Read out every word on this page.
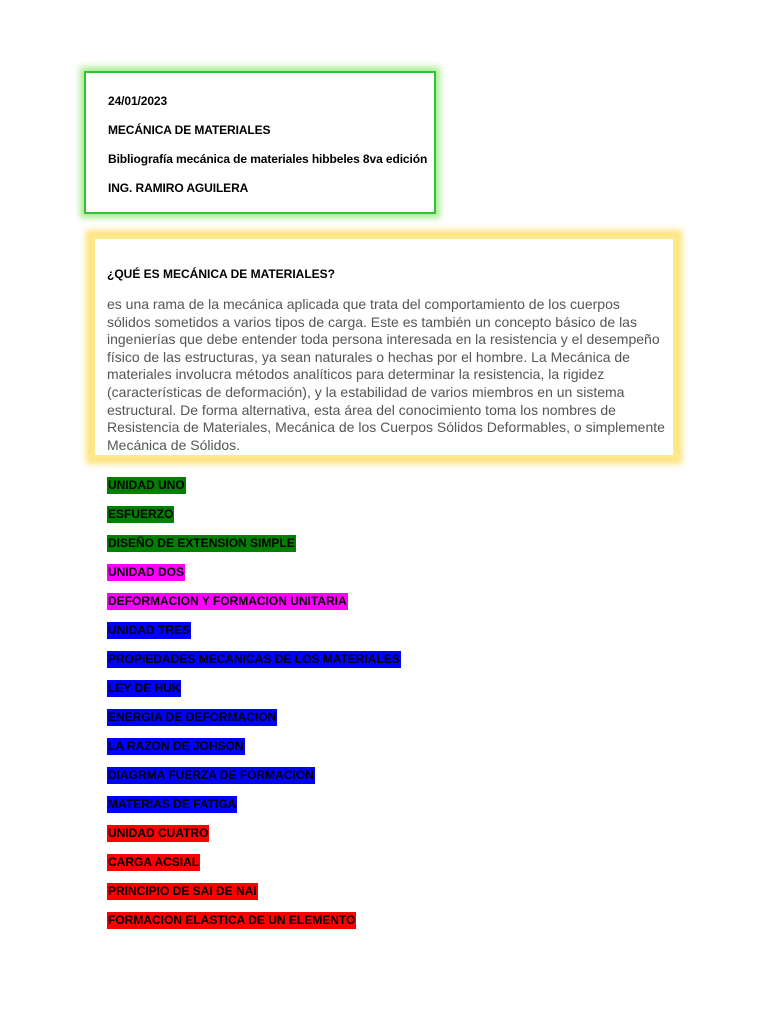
24/01/2023
MECÁNICA DE MATERIALES
Bibliografía mecánica de materiales hibbeles 8va edición
ING. RAMIRO AGUILERA
¿QUÉ ES MECÁNICA DE MATERIALES?

es una rama de la mecánica aplicada que trata del comportamiento de los cuerpos sólidos sometidos a varios tipos de carga. Este es también un concepto básico de las ingenierías que debe entender toda persona interesada en la resistencia y el desempeño físico de las estructuras, ya sean naturales o hechas por el hombre. La Mecánica de materiales involucra métodos analíticos para determinar la resistencia, la rigidez (características de deformación), y la estabilidad de varios miembros en un sistema estructural. De forma alternativa, esta área del conocimiento toma los nombres de Resistencia de Materiales, Mecánica de los Cuerpos Sólidos Deformables, o simplemente Mecánica de Sólidos.

UNIDAD UNO
ESFUERZO
DISEÑO DE EXTENSION SIMPLE
UNIDAD DOS
DEFORMACION Y FORMACION UNITARIA
UNIDAD TRES
PROPIEDADES MECANICAS DE LOS MATERIALES
LEY DE HUK
ENERGIA DE DEFORMACION
LA RAZON DE JOHSON
DIAGRMA FUERZA DE FORMACION
MATERIAS DE FATIGA
UNIDAD CUATRO
CARGA ACSIAL
PRINCIPIO DE SAI DE NAI
FORMACION ELASTICA DE UN ELEMENTO
